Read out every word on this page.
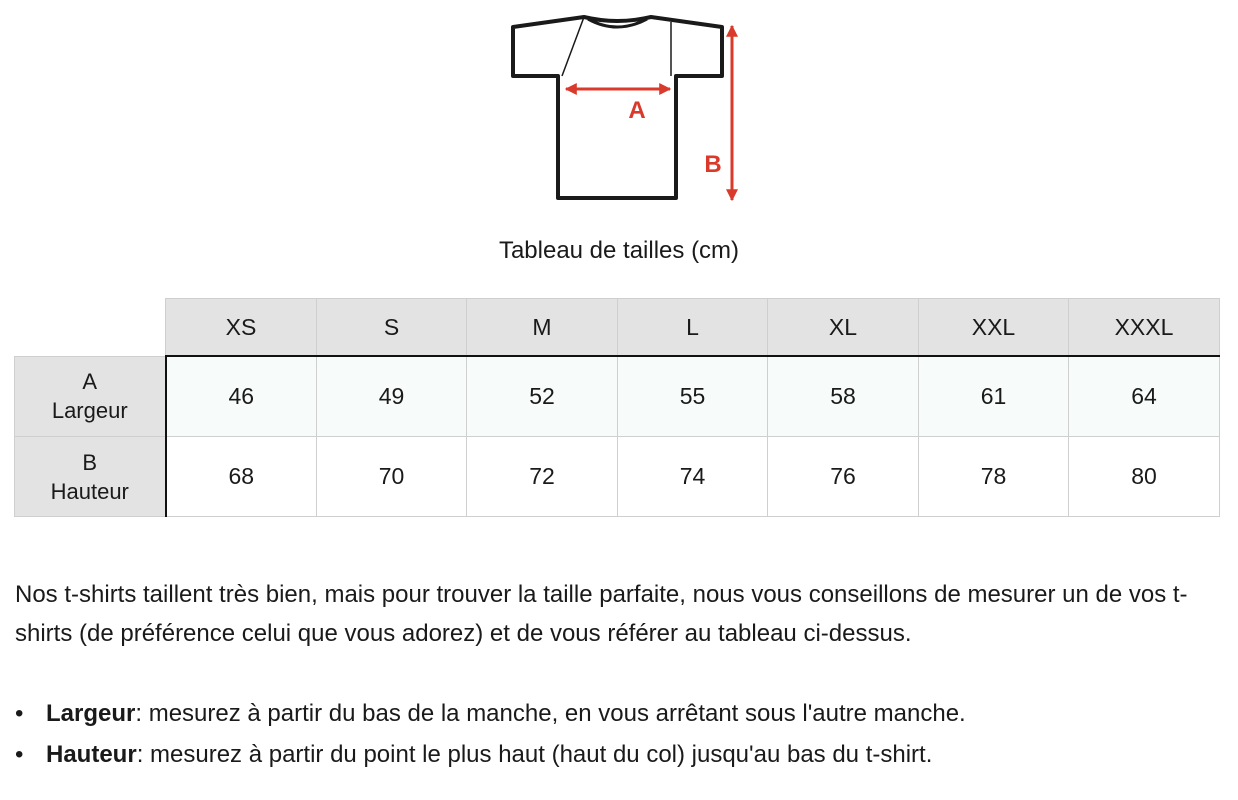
A
B
Tableau de tailles (cm)
	XS	S	M	L	XL	XXL	XXXL

A
Largeur	46	49	52	55	58	61	64

B
Hauteur	68	70	72	74	76	78	80

Nos t-shirts taillent très bien, mais pour trouver la taille parfaite, nous vous conseillons de mesurer un de vos t-shirts (de préférence celui que vous adorez) et de vous référer au tableau ci-dessus.

• Largeur: mesurez à partir du bas de la manche, en vous arrêtant sous l'autre manche.
• Hauteur: mesurez à partir du point le plus haut (haut du col) jusqu'au bas du t-shirt.
